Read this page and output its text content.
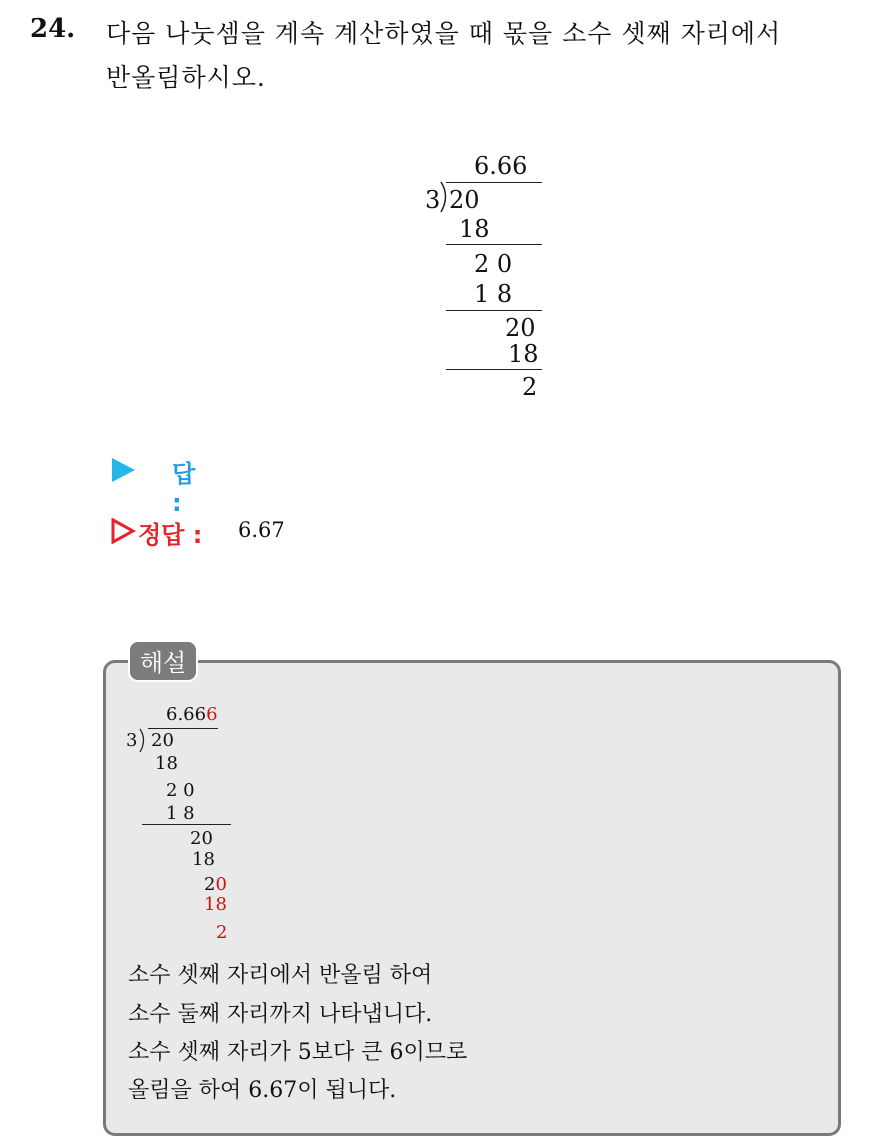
24. 다음 나눗셈을 계속 계산하였을 때 몫을 소수 셋째 자리에서
반올림하시오.
6.66
3 20
18
2 0
1 8
20
18
2
답 :
정답 : 6.67
해설
6.666
3 20
18
2 0
1 8
20
18
20
18
2
소수 셋째 자리에서 반올림 하여
소수 둘째 자리까지 나타냅니다.
소수 셋째 자리가 5보다 큰 6이므로
올림을 하여 6.67이 됩니다.
